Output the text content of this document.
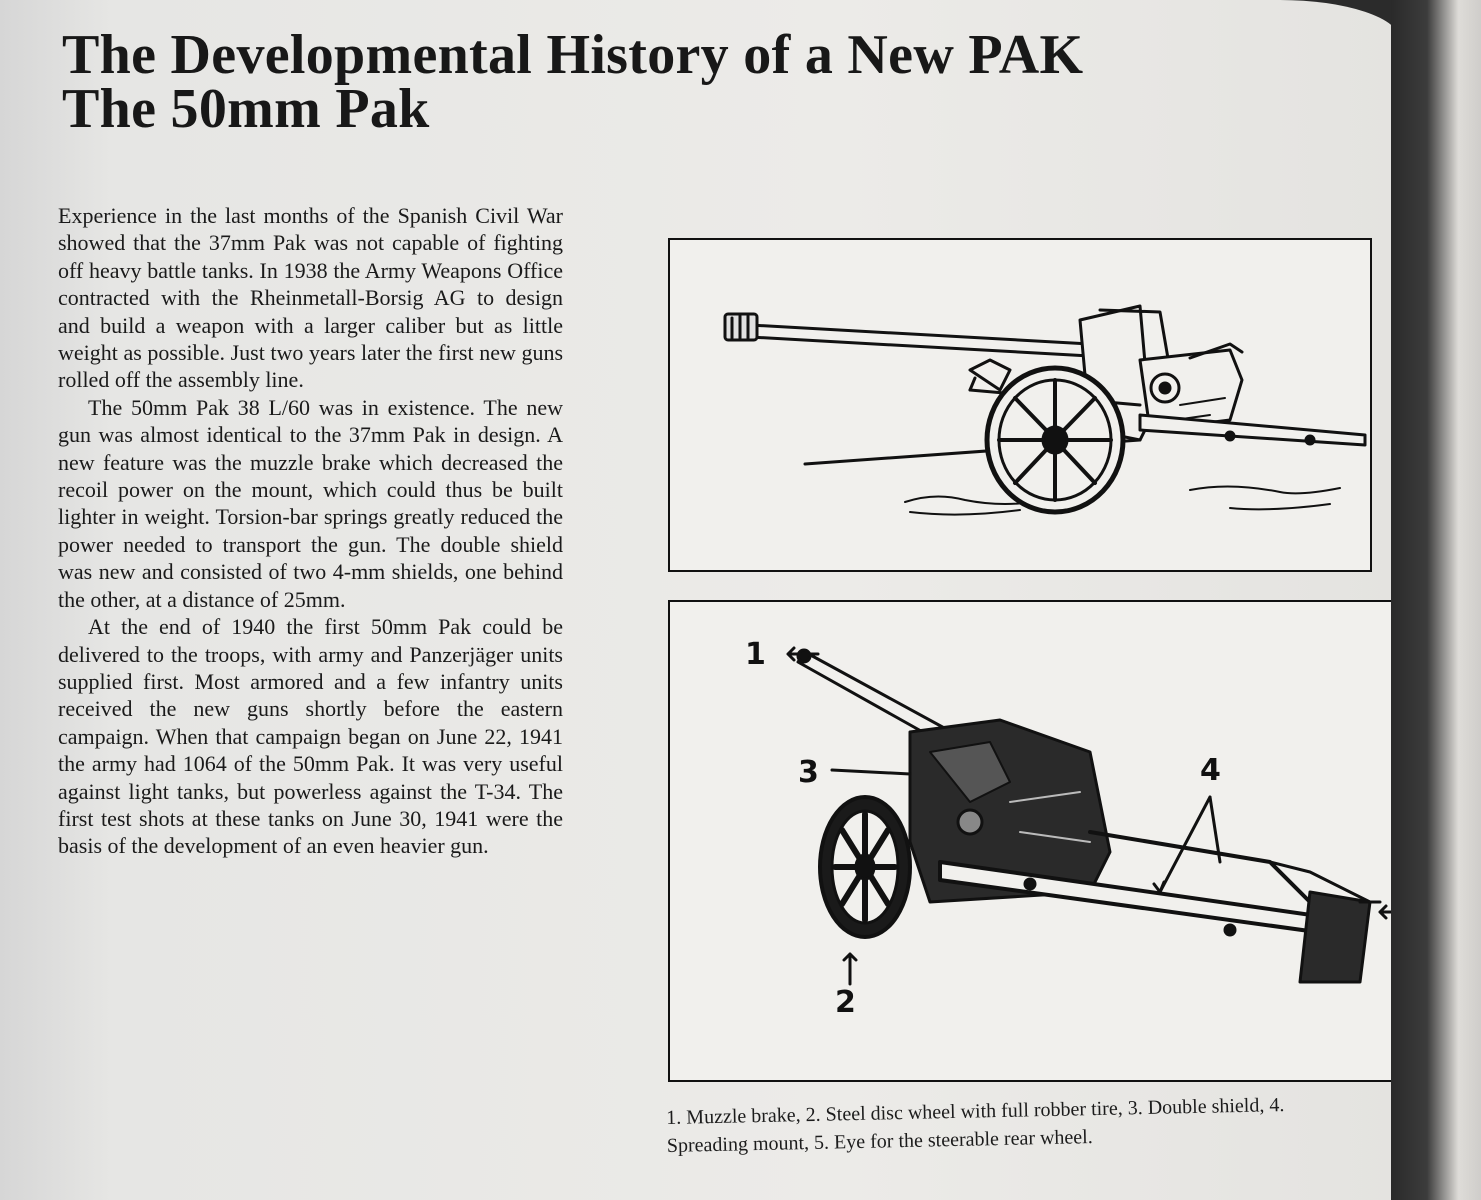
The Developmental History of a New PAK
The 50mm Pak

Experience in the last months of the Spanish Civil War showed that the 37mm Pak was not capable of fighting off heavy battle tanks. In 1938 the Army Weapons Office contracted with the Rheinmetall-Borsig AG to design and build a weapon with a larger caliber but as little weight as possible. Just two years later the first new guns rolled off the assembly line.

The 50mm Pak 38 L/60 was in existence. The new gun was almost identical to the 37mm Pak in design. A new feature was the muzzle brake which decreased the recoil power on the mount, which could thus be built lighter in weight. Torsion-bar springs greatly reduced the power needed to transport the gun. The double shield was new and consisted of two 4-mm shields, one behind the other, at a distance of 25mm.

At the end of 1940 the first 50mm Pak could be delivered to the troops, with army and Panzerjäger units supplied first. Most armored and a few infantry units received the new guns shortly before the eastern campaign. When that campaign began on June 22, 1941 the army had 1064 of the 50mm Pak. It was very useful against light tanks, but powerless against the T-34. The first test shots at these tanks on June 30, 1941 were the basis of the development of an even heavier gun.

1
2
3	4
1. Muzzle brake, 2. Steel disc wheel with full robber tire, 3. Double shield, 4.
Spreading mount, 5. Eye for the steerable rear wheel.
